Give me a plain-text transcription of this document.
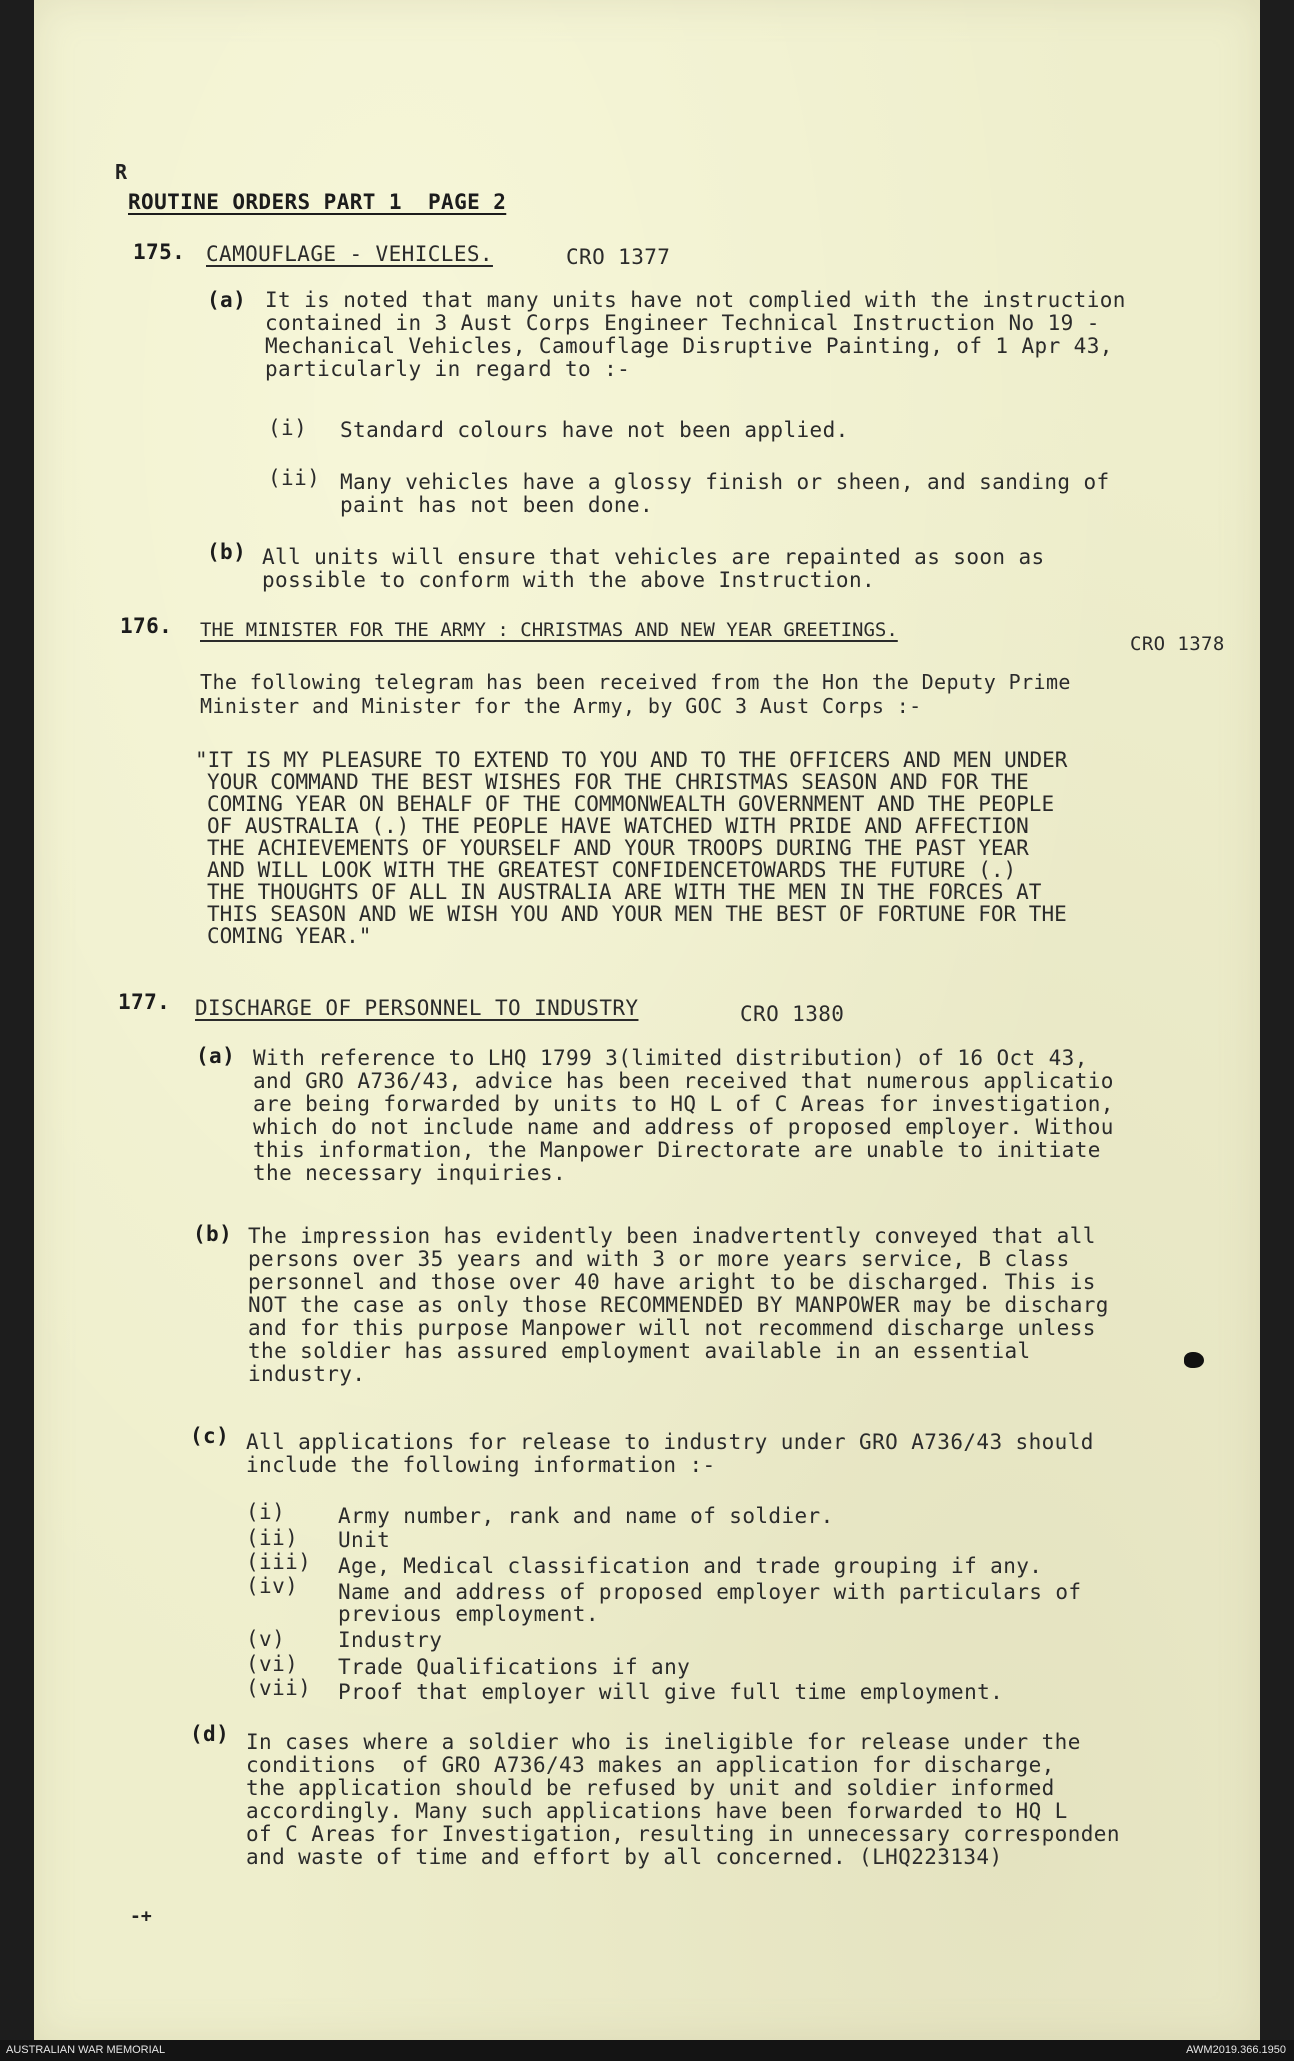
R
ROUTINE ORDERS PART 1  PAGE 2
175. CAMOUFLAGE - VEHICLES.	CRO 1377
(a) It is noted that many units have not complied with the instruction
contained in 3 Aust Corps Engineer Technical Instruction No 19 -
Mechanical Vehicles, Camouflage Disruptive Painting, of 1 Apr 43,
particularly in regard to :-
(i) Standard colours have not been applied.
(ii) Many vehicles have a glossy finish or sheen, and sanding of
paint has not been done.
(b) All units will ensure that vehicles are repainted as soon as
possible to conform with the above Instruction.
176. THE MINISTER FOR THE ARMY : CHRISTMAS AND NEW YEAR GREETINGS.
CRO 1378
The following telegram has been received from the Hon the Deputy Prime
Minister and Minister for the Army, by GOC 3 Aust Corps :-
"IT IS MY PLEASURE TO EXTEND TO YOU AND TO THE OFFICERS AND MEN UNDER
YOUR COMMAND THE BEST WISHES FOR THE CHRISTMAS SEASON AND FOR THE
COMING YEAR ON BEHALF OF THE COMMONWEALTH GOVERNMENT AND THE PEOPLE
OF AUSTRALIA (.) THE PEOPLE HAVE WATCHED WITH PRIDE AND AFFECTION
THE ACHIEVEMENTS OF YOURSELF AND YOUR TROOPS DURING THE PAST YEAR
AND WILL LOOK WITH THE GREATEST CONFIDENCETOWARDS THE FUTURE (.)
THE THOUGHTS OF ALL IN AUSTRALIA ARE WITH THE MEN IN THE FORCES AT
THIS SEASON AND WE WISH YOU AND YOUR MEN THE BEST OF FORTUNE FOR THE
COMING YEAR."
177. DISCHARGE OF PERSONNEL TO INDUSTRY	CRO 1380
(a) With reference to LHQ 1799 3(limited distribution) of 16 Oct 43,
and GRO A736/43, advice has been received that numerous applicatio
are being forwarded by units to HQ L of C Areas for investigation,
which do not include name and address of proposed employer. Withou
this information, the Manpower Directorate are unable to initiate
the necessary inquiries.
(b) The impression has evidently been inadvertently conveyed that all
persons over 35 years and with 3 or more years service, B class
personnel and those over 40 have aright to be discharged. This is
NOT the case as only those RECOMMENDED BY MANPOWER may be discharg
and for this purpose Manpower will not recommend discharge unless
the soldier has assured employment available in an essential
industry.
(c) All applications for release to industry under GRO A736/43 should
include the following information :-
(i)	Army number, rank and name of soldier.
(ii) Unit
(iii) Age, Medical classification and trade grouping if any.
(iv) Name and address of proposed employer with particulars of
previous employment.
(v)	Industry
(vi) Trade Qualifications if any
(vii) Proof that employer will give full time employment.
(d) In cases where a soldier who is ineligible for release under the
conditions  of GRO A736/43 makes an application for discharge,
the application should be refused by unit and soldier informed
accordingly. Many such applications have been forwarded to HQ L
of C Areas for Investigation, resulting in unnecessary corresponden
and waste of time and effort by all concerned. (LHQ223134)
-+
AUSTRALIAN WAR MEMORIAL	AWM2019.366.1950
